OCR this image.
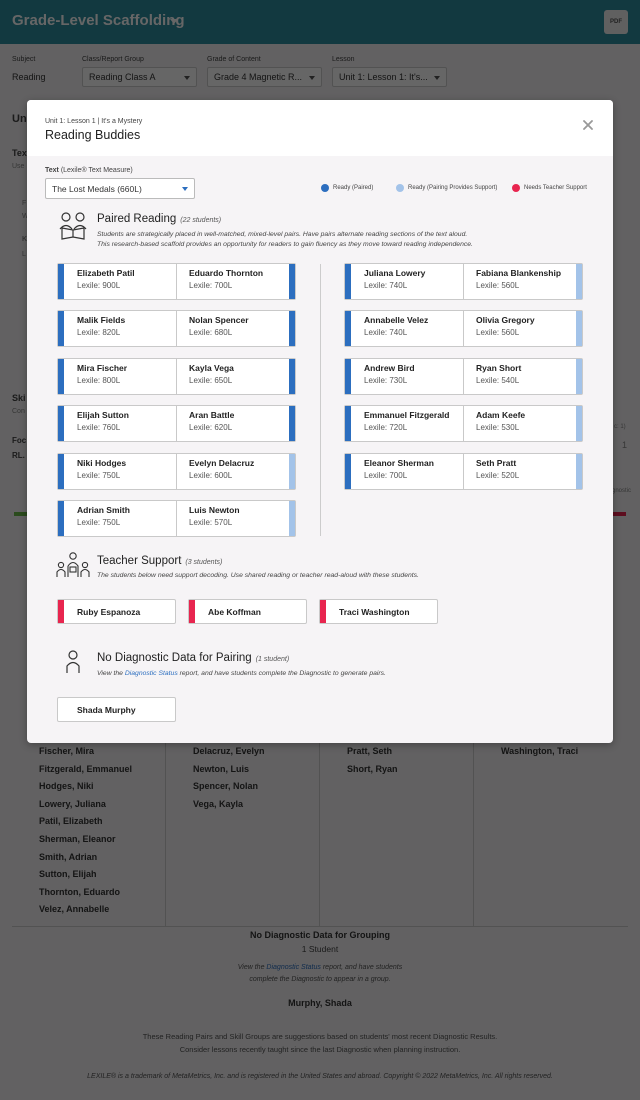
Unit 1: Lesson 1 | It's a Mystery
Reading Buddies
Text (Lexile® Text Measure)
The Lost Medals (660L)	Ready (Paired)	Ready (Pairing Provides Support)	Needs Teacher Support
Paired Reading (22 students)
Students are strategically placed in well-matched, mixed-level pairs. Have pairs alternate reading sections of the text aloud.
This research-based scaffold provides an opportunity for readers to gain fluency as they move toward reading independence.
Elizabeth Patil
Lexile: 900L
Eduardo Thornton
Lexile: 700L
Malik Fields
Lexile: 820L
Nolan Spencer
Lexile: 680L
Mira Fischer
Lexile: 800L
Kayla Vega
Lexile: 650L
Elijah Sutton
Lexile: 760L
Aran Battle
Lexile: 620L
Niki Hodges
Lexile: 750L
Evelyn Delacruz
Lexile: 600L
Adrian Smith
Lexile: 750L
Luis Newton
Lexile: 570L
Juliana Lowery
Lexile: 740L
Fabiana Blankenship
Lexile: 560L
Annabelle Velez
Lexile: 740L
Olivia Gregory
Lexile: 560L
Andrew Bird
Lexile: 730L
Ryan Short
Lexile: 540L
Emmanuel Fitzgerald
Lexile: 720L
Adam Keefe
Lexile: 530L
Eleanor Sherman
Lexile: 700L
Seth Pratt
Lexile: 520L
Teacher Support (3 students)
The students below need support decoding. Use shared reading or teacher read-aloud with these students.
Ruby Espanoza	Abe Koffman	Traci Washington
No Diagnostic Data for Pairing (1 student)
View the Diagnostic Status report, and have students complete the Diagnostic to generate pairs.
Shada Murphy
